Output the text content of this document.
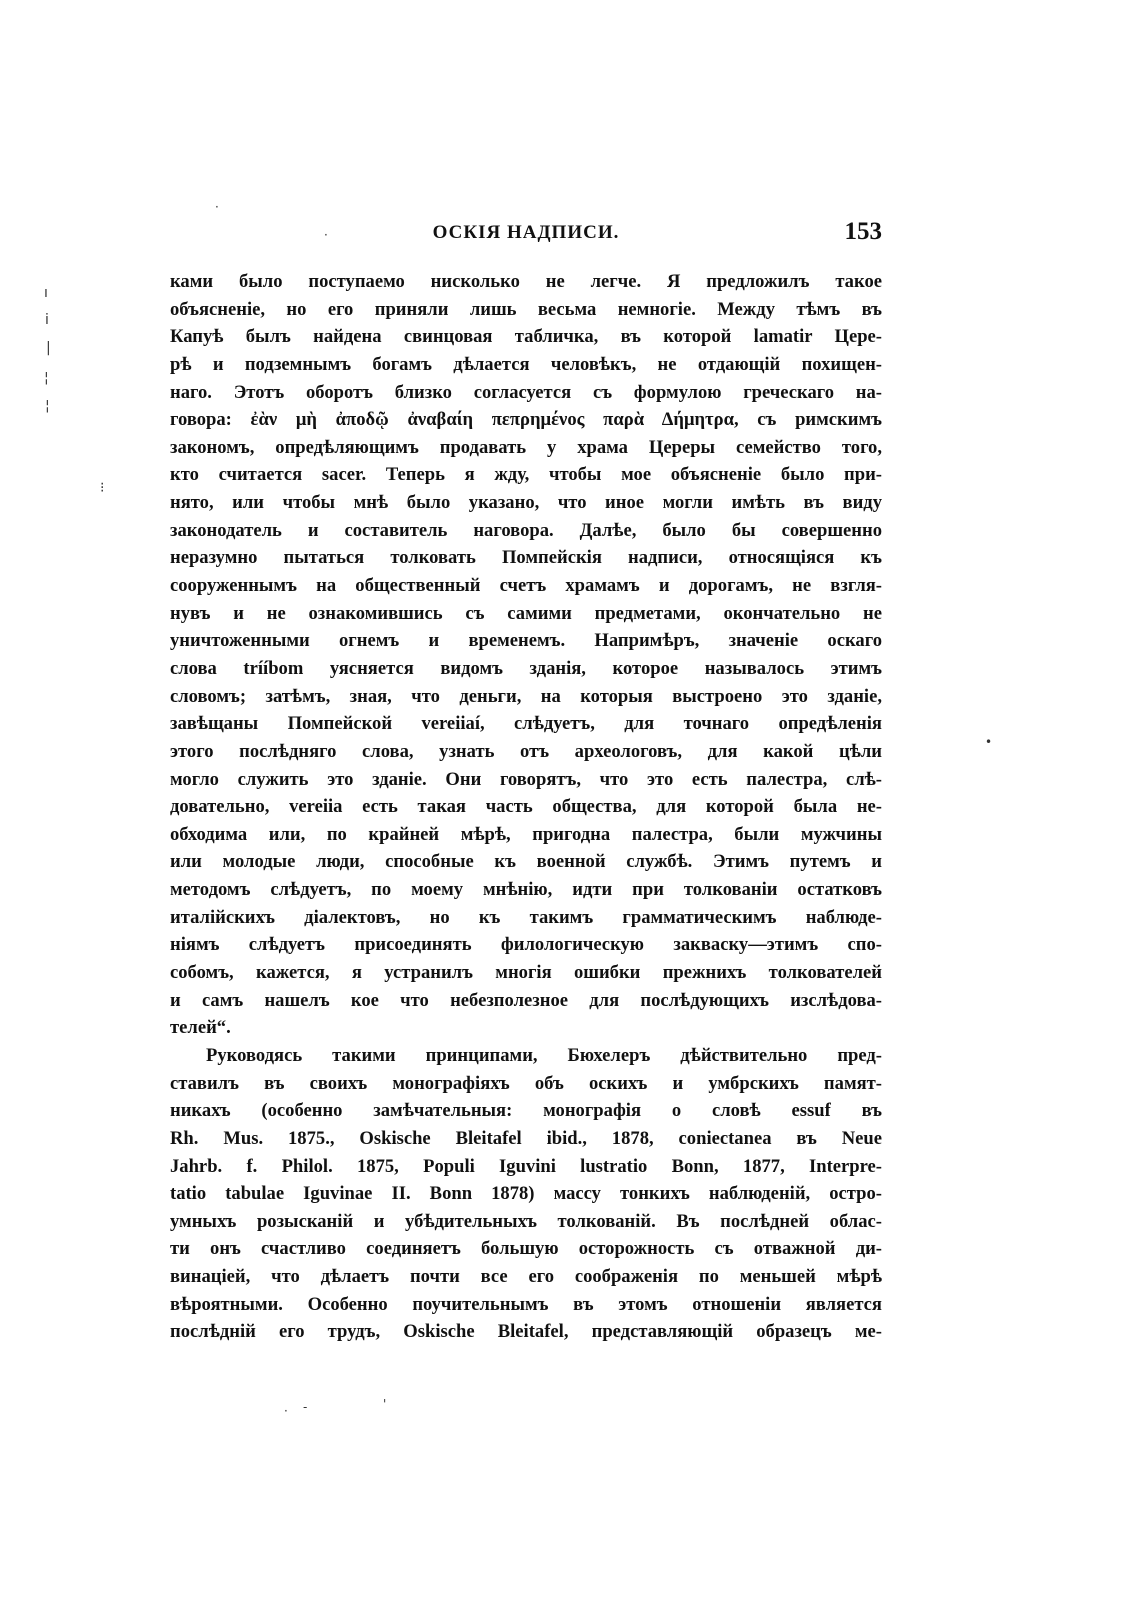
ОСКІЯ НАДПИСИ.	153
ı
ⅰ
|
¦
¦
⁝
·
·
•
-	'
·
ками было поступаемо нисколько не легче. Я предложилъ такое
объясненіе, но его приняли лишь весьма немногіе. Между тѣмъ въ
Капуѣ былъ найдена свинцовая табличка, въ которой lamatir Цере-
рѣ и подземнымъ богамъ дѣлается человѣкъ, не отдающій похищен-
наго. Этотъ оборотъ близко согласуется съ формулою греческаго на-
говора: ἐὰν μὴ ἀποδῷ ἀναβαίη πεπρημένος παρὰ Δήμητρα, съ римскимъ
закономъ, опредѣляющимъ продавать у храма Цереры семейство того,
кто считается sacer. Теперь я жду, чтобы мое объясненіе было при-
нято, или чтобы мнѣ было указано, что иное могли имѣть въ виду
законодатель и составитель наговора. Далѣе, было бы совершенно
неразумно пытаться толковать Помпейскія надписи, относящіяся къ
сооруженнымъ на общественный счетъ храмамъ и дорогамъ, не взгля-
нувъ и не ознакомившись съ самими предметами, окончательно не
уничтоженными огнемъ и временемъ. Напримѣръ, значеніе оскаго
слова trííbom уясняется видомъ зданія, которое называлось этимъ
словомъ; затѣмъ, зная, что деньги, на которыя выстроено это зданіе,
завѣщаны Помпейской vereiiaí, слѣдуетъ, для точнаго опредѣленія
этого послѣдняго слова, узнать отъ археологовъ, для какой цѣли
могло служить это зданіе. Они говорятъ, что это есть палестра, слѣ-
довательно, vereiia есть такая часть общества, для которой была не-
обходима или, по крайней мѣрѣ, пригодна палестра, были мужчины
или молодые люди, способные къ военной службѣ. Этимъ путемъ и
методомъ слѣдуетъ, по моему мнѣнію, идти при толкованіи остатковъ
италійскихъ діалектовъ, но къ такимъ грамматическимъ наблюде-
ніямъ слѣдуетъ присоединять филологическую закваску—этимъ спо-
собомъ, кажется, я устранилъ многія ошибки прежнихъ толкователей
и самъ нашелъ кое что небезполезное для послѣдующихъ изслѣдова-
телей“.
Руководясь такими принципами, Бюхелеръ дѣйствительно пред-
ставилъ въ своихъ монографіяхъ объ оскихъ и умбрскихъ памят-
никахъ (особенно замѣчательныя: монографія о словѣ essuf въ
Rh. Mus. 1875., Oskische Bleitafel ibid., 1878, coniectanea въ Neue
Jahrb. f. Philol. 1875, Populi Iguvini lustratio Bonn, 1877, Interpre-
tatio tabulae Iguvinae II. Bonn 1878) массу тонкихъ наблюденій, остро-
умныхъ розысканій и убѣдительныхъ толкованій. Въ послѣдней облас-
ти онъ счастливо соединяетъ большую осторожность съ отважной ди-
винаціей, что дѣлаетъ почти все его соображенія по меньшей мѣрѣ
вѣроятными. Особенно поучительнымъ въ этомъ отношеніи является
послѣдній его трудъ, Oskische Bleitafel, представляющій образецъ ме-
